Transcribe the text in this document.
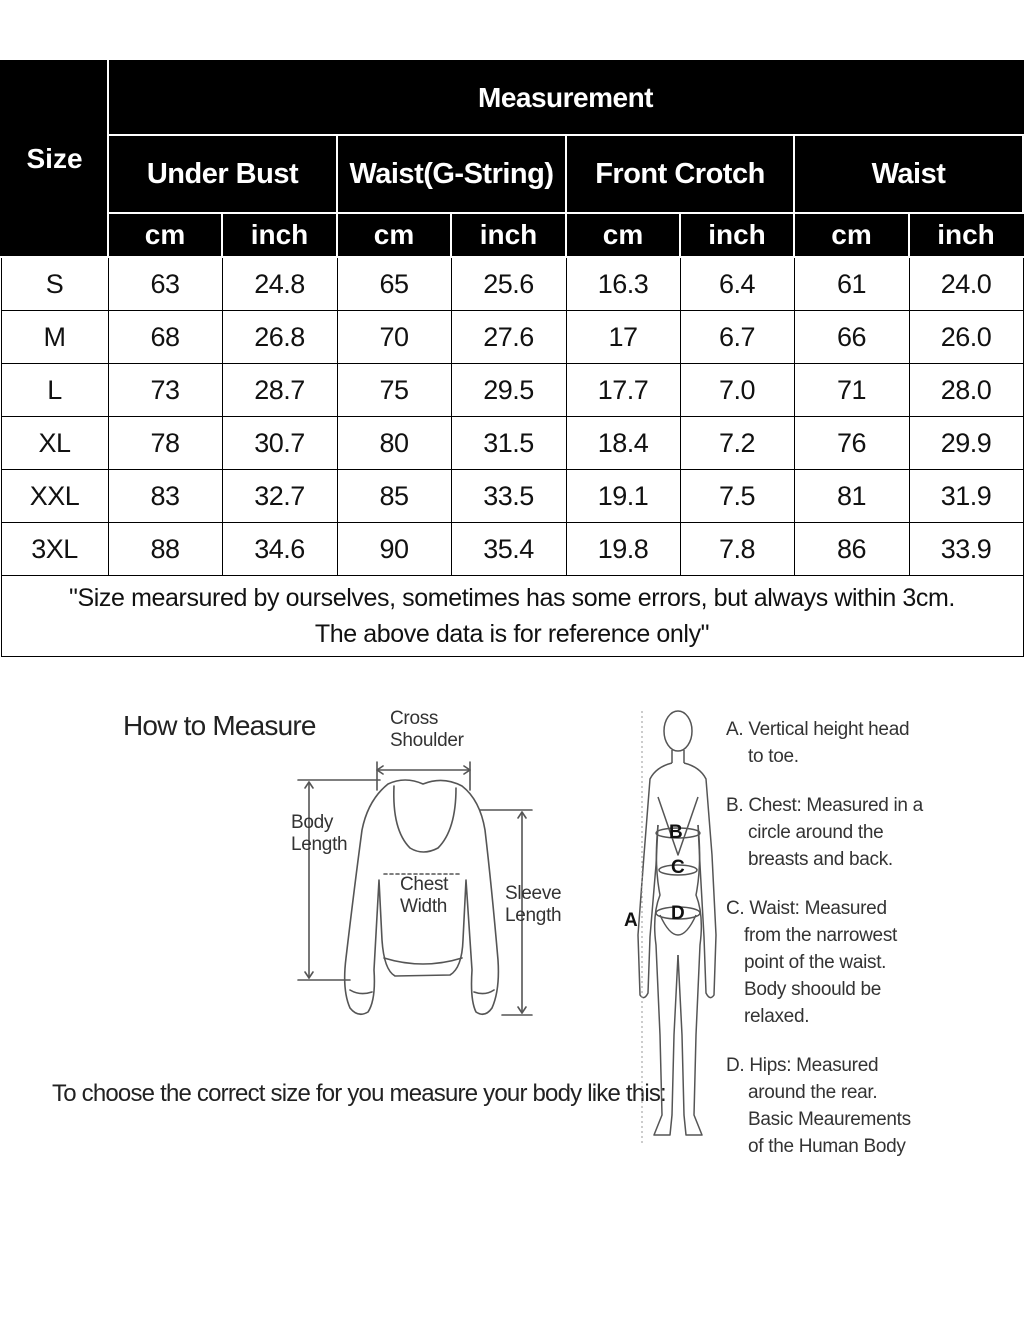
Size	Measurement							
	Under Bust		Waist(G-String)		Front Crotch		Waist	
	cm	inch	cm	inch	cm	inch	cm	inch
S	63	24.8	65	25.6	16.3	6.4	61	24.0
M	68	26.8	70	27.6	17	6.7	66	26.0
L	73	28.7	75	29.5	17.7	7.0	71	28.0
XL	78	30.7	80	31.5	18.4	7.2	76	29.9
XXL	83	32.7	85	33.5	19.1	7.5	81	31.9
3XL	88	34.6	90	35.4	19.8	7.8	86	33.9

"Size mearsured by ourselves, sometimes has some errors, but always within 3cm.
The above data is for reference only"								
How to Measure	Cross
Shoulder
Body
Length
Chest
Width
Sleeve
Length
To choose the correct size for you measure your body like this:
B
C
D
A
A. Vertical height head
to toe.
B. Chest: Measured in a
circle around the
breasts and back.
C. Waist: Measured
from the narrowest
point of the waist.
Body shoould be
relaxed.
D. Hips: Measured
around the rear.
Basic Meaurements
of the Human Body
